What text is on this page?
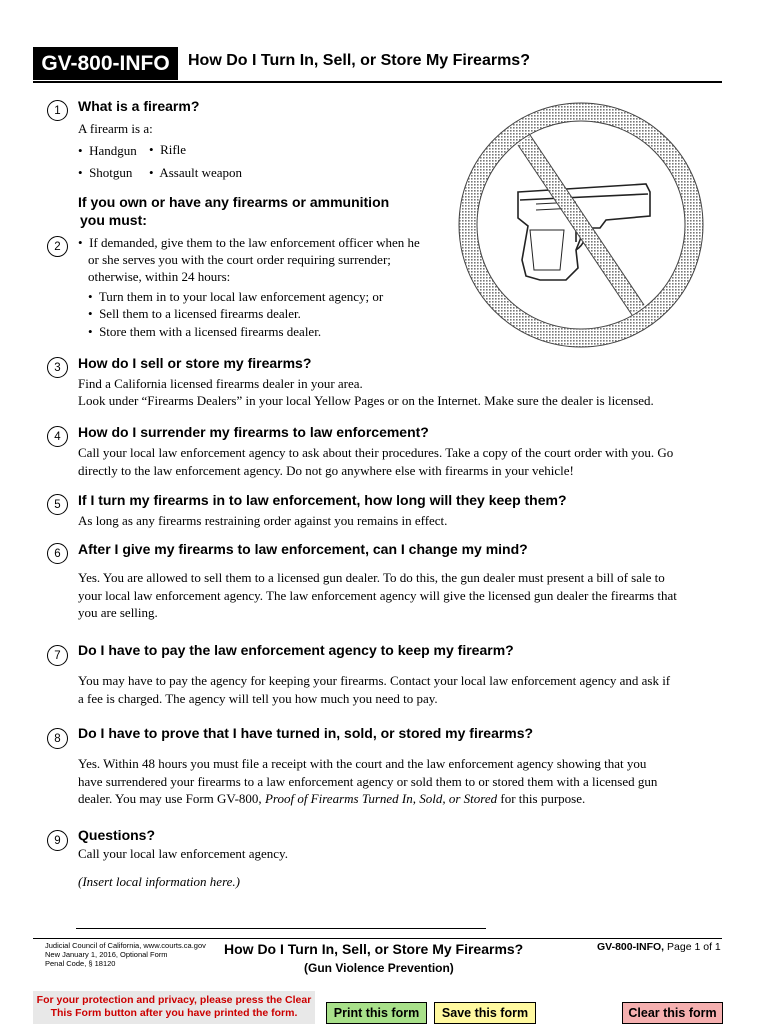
GV-800-INFO	How Do I Turn In, Sell, or Store My Firearms?
1	What is a firearm?
A firearm is a:
•  Handgun •  Rifle
•  Shotgun •  Assault weapon
If you own or have any firearms or ammunition
you must:
2	•  If demanded, give them to the law enforcement officer when he
or she serves you with the court order requiring surrender;
otherwise, within 24 hours:
•  Turn them in to your local law enforcement agency; or
•  Sell them to a licensed firearms dealer.
•  Store them with a licensed firearms dealer.
3	How do I sell or store my firearms?
Find a California licensed firearms dealer in your area.
Look under “Firearms Dealers” in your local Yellow Pages or on the Internet. Make sure the dealer is licensed.
4	How do I surrender my firearms to law enforcement?
Call your local law enforcement agency to ask about their procedures. Take a copy of the court order with you. Go
directly to the law enforcement agency. Do not go anywhere else with firearms in your vehicle!
5	If I turn my firearms in to law enforcement, how long will they keep them?
As long as any firearms restraining order against you remains in effect.
6	After I give my firearms to law enforcement, can I change my mind?
Yes. You are allowed to sell them to a licensed gun dealer. To do this, the gun dealer must present a bill of sale to
your local law enforcement agency. The law enforcement agency will give the licensed gun dealer the firearms that
you are selling.
7	Do I have to pay the law enforcement agency to keep my firearm?
You may have to pay the agency for keeping your firearms. Contact your local law enforcement agency and ask if
a fee is charged. The agency will tell you how much you need to pay.
8	Do I have to prove that I have turned in, sold, or stored my firearms?
Yes. Within 48 hours you must file a receipt with the court and the law enforcement agency showing that you
have surrendered your firearms to a law enforcement agency or sold them to or stored them with a licensed gun
dealer. You may use Form GV-800, Proof of Firearms Turned In, Sold, or Stored for this purpose.
9	Questions?
Call your local law enforcement agency.
(Insert local information here.)
Judicial Council of California, www.courts.ca.gov
New January 1, 2016, Optional Form
Penal Code, § 18120
How Do I Turn In, Sell, or Store My Firearms?
(Gun Violence Prevention)
GV-800-INFO, Page 1 of 1
For your protection and privacy, please press the Clear
This Form button after you have printed the form.	Print this form	Save this form	Clear this form
